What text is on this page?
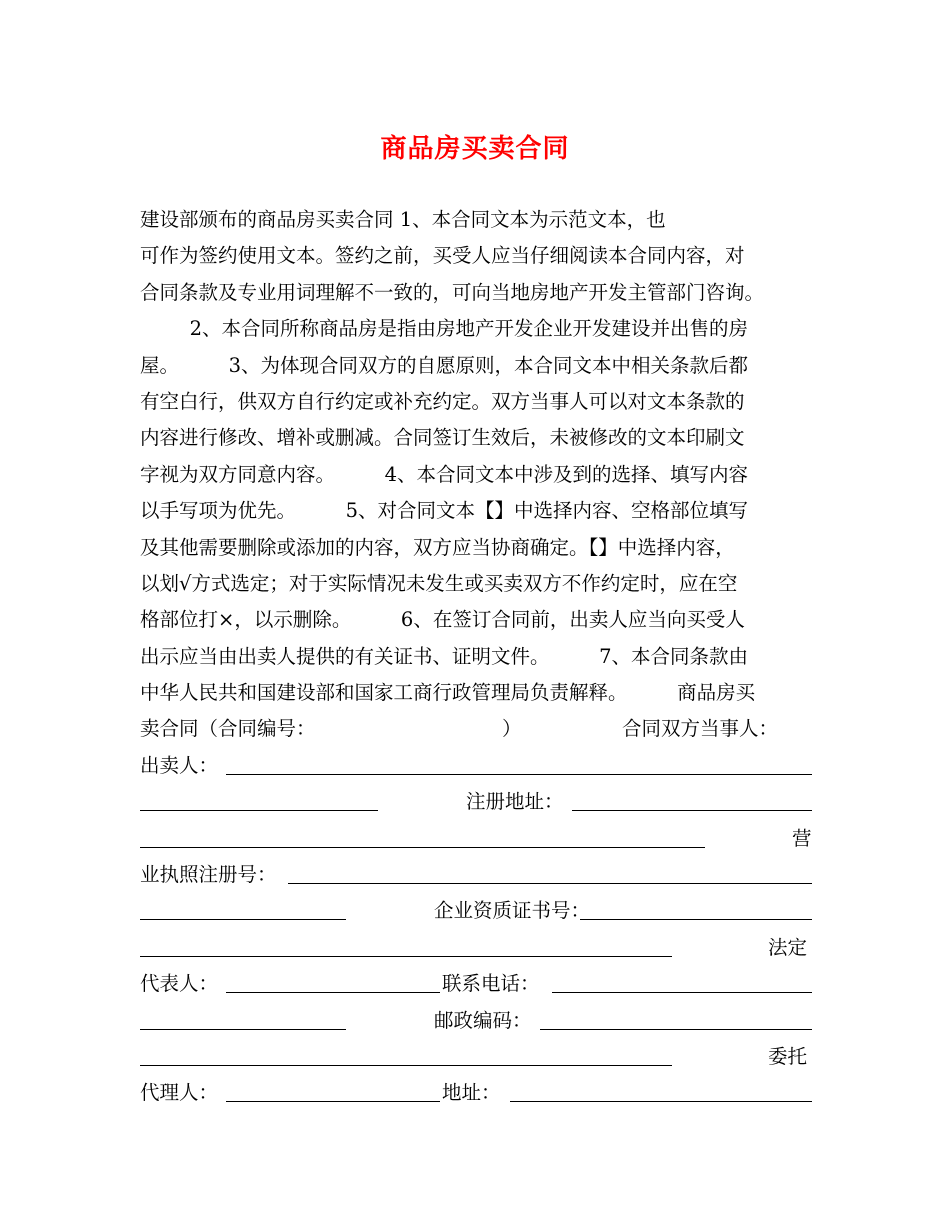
商品房买卖合同
建设部颁布的商品房买卖合同 1、本合同文本为示范文本，也
可作为签约使用文本。签约之前，买受人应当仔细阅读本合同内容，对
合同条款及专业用词理解不一致的，可向当地房地产开发主管部门咨询。
2、本合同所称商品房是指由房地产开发企业开发建设并出售的房
屋。        3、为体现合同双方的自愿原则，本合同文本中相关条款后都
有空白行，供双方自行约定或补充约定。双方当事人可以对文本条款的
内容进行修改、增补或删减。合同签订生效后，未被修改的文本印刷文
字视为双方同意内容。        4、本合同文本中涉及到的选择、填写内容
以手写项为优先。        5、对合同文本【】中选择内容、空格部位填写
及其他需要删除或添加的内容，双方应当协商确定。【】中选择内容，
以划√方式选定；对于实际情况未发生或买卖双方不作约定时，应在空
格部位打×，以示删除。        6、在签订合同前，出卖人应当向买受人
出示应当由出卖人提供的有关证书、证明文件。        7、本合同条款由
中华人民共和国建设部和国家工商行政管理局负责解释。        商品房买
卖合同（合同编号：	）	合同双方当事人：
出卖人：
注册地址：
营
业执照注册号：
企业资质证书号：
法定
代表人：	联系电话：
邮政编码：
委托
代理人：	地址：
